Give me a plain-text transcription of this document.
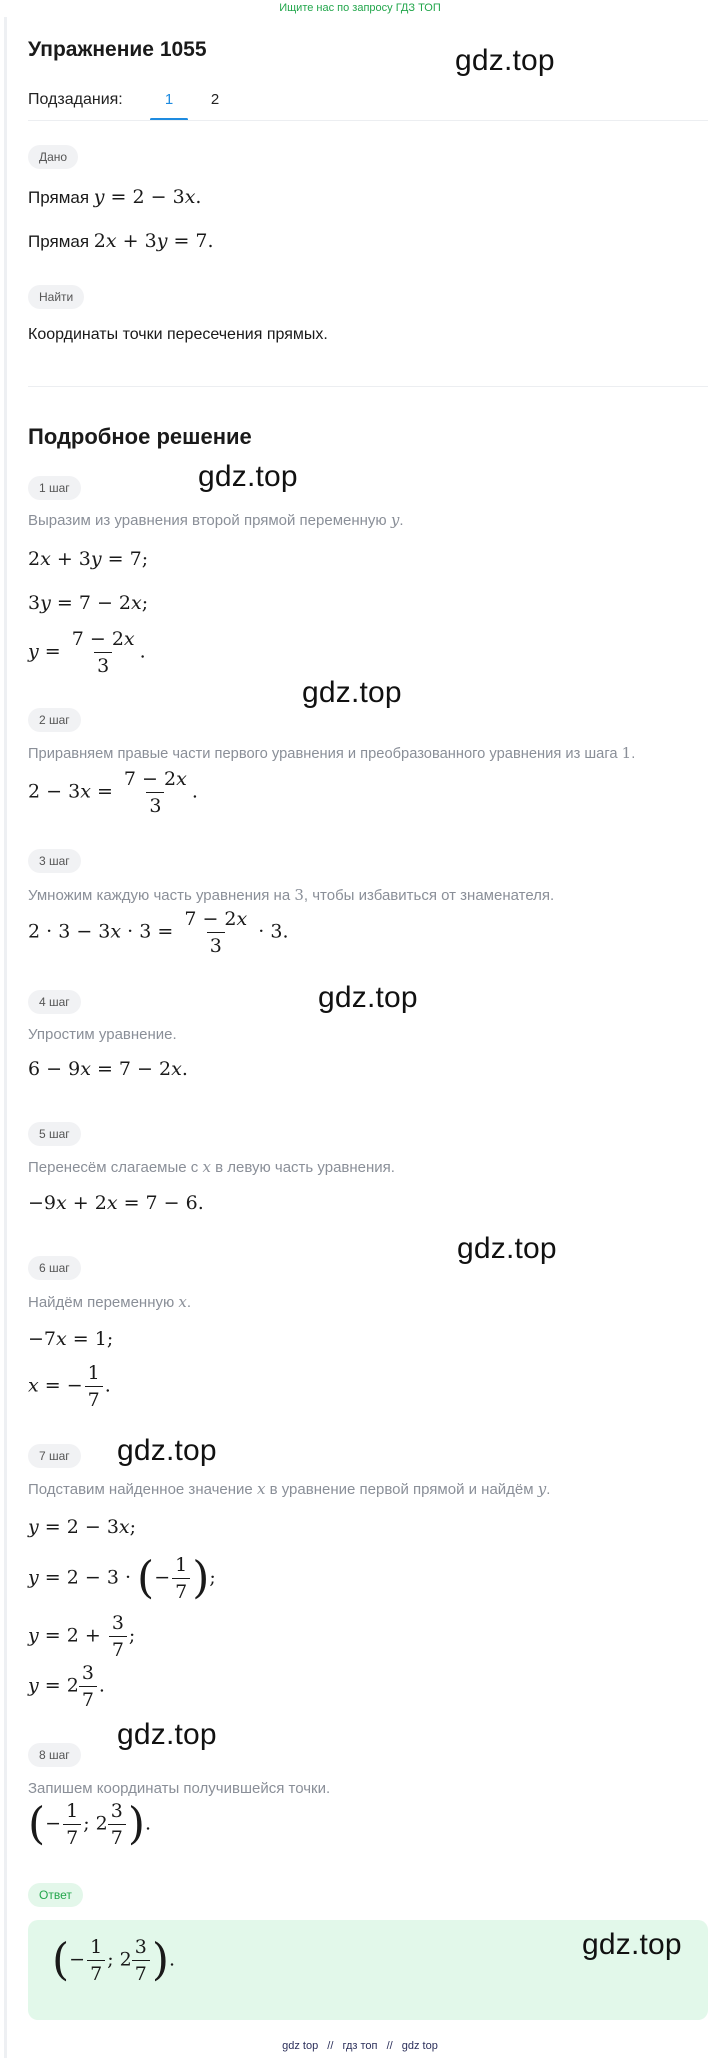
Ищите нас по запросу ГДЗ ТОП
Упражнение 1055	gdz.top
Подзадания:	1	2
Дано
Прямая y = 2 − 3x.
Прямая 2x + 3y = 7.
Найти
Координаты точки пересечения прямых.
Подробное решение
gdz.top
1 шаг
Выразим из уравнения второй прямой переменную y.
2x + 3y = 7;
3y = 7 − 2x;
$y = \frac{7 - 2x}{3}$ .
gdz.top
2 шаг
Приравняем правые части первого уравнения и преобразованного уравнения из шага 1.
$2 - 3x = \frac{7 - 2x}{3}$ .
3 шаг
Умножим каждую часть уравнения на 3, чтобы избавиться от знаменателя.
$2 \cdot 3 - 3x \cdot 3 = \frac{7 - 2x}{3} \cdot 3$.
gdz.top
4 шаг
Упростим уравнение.
6 − 9x = 7 − 2x.
5 шаг
Перенесём слагаемые с x в левую часть уравнения.
−9x + 2x = 7 − 6.
gdz.top
6 шаг
Найдём переменную x.
−7x = 1;
x = − $\frac{1}{7}$ .
7 шаг	gdz.top
Подставим найденное значение x в уравнение первой прямой и найдём y.
y = 2 − 3x;
y = 2 − 3 · (− $\frac{1}{7}$ );
$y = 2 + \frac{3}{7}$ ;
$y = 2 \frac{3}{7}$ .
gdz.top
8 шаг
Запишем координаты получившейся точки.
(− $\frac{1}{7}$ ; $2 \frac{3}{7}$ ).
Ответ
(− $\frac{1}{7}$ ; $2 \frac{3}{7}$ ).	gdz.top
gdz top // гдз топ // gdz top
